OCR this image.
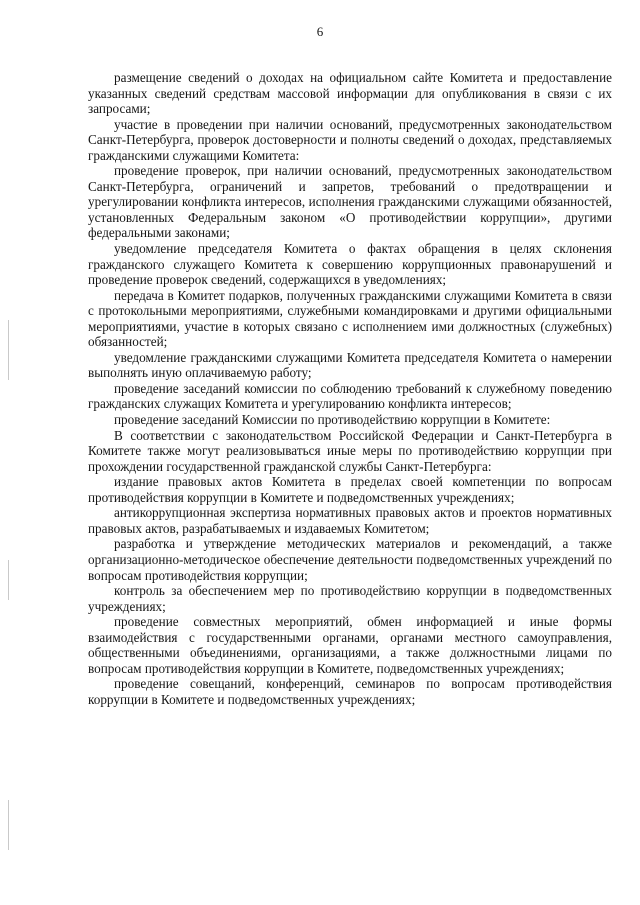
6

размещение сведений о доходах на официальном сайте Комитета и предоставление указанных сведений средствам массовой информации для опубликования в связи с их запросами;

участие в проведении при наличии оснований, предусмотренных законодательством Санкт-Петербурга, проверок достоверности и полноты сведений о доходах, представляемых гражданскими служащими Комитета:

проведение проверок, при наличии оснований, предусмотренных законодательством Санкт-Петербурга, ограничений и запретов, требований о предотвращении и урегулировании конфликта интересов, исполнения гражданскими служащими обязанностей, установленных Федеральным законом «О противодействии коррупции», другими федеральными законами;

уведомление председателя Комитета о фактах обращения в целях склонения гражданского служащего Комитета к совершению коррупционных правонарушений и проведение проверок сведений, содержащихся в уведомлениях;

передача в Комитет подарков, полученных гражданскими служащими Комитета в связи с протокольными мероприятиями, служебными командировками и другими официальными мероприятиями, участие в которых связано с исполнением ими должностных (служебных) обязанностей;

уведомление гражданскими служащими Комитета председателя Комитета о намерении выполнять иную оплачиваемую работу;

проведение заседаний комиссии по соблюдению требований к служебному поведению гражданских служащих Комитета и урегулированию конфликта интересов;

проведение заседаний Комиссии по противодействию коррупции в Комитете:

В соответствии с законодательством Российской Федерации и Санкт-Петербурга в Комитете также могут реализовываться иные меры по противодействию коррупции при прохождении государственной гражданской службы Санкт-Петербурга:

издание правовых актов Комитета в пределах своей компетенции по вопросам противодействия коррупции в Комитете и подведомственных учреждениях;

антикоррупционная экспертиза нормативных правовых актов и проектов нормативных правовых актов, разрабатываемых и издаваемых Комитетом;

разработка и утверждение методических материалов и рекомендаций, а также организационно-методическое обеспечение деятельности подведомственных учреждений по вопросам противодействия коррупции;

контроль за обеспечением мер по противодействию коррупции в подведомственных учреждениях;

проведение совместных мероприятий, обмен информацией и иные формы взаимодействия с государственными органами, органами местного самоуправления, общественными объединениями, организациями, а также должностными лицами по вопросам противодействия коррупции в Комитете, подведомственных учреждениях;

проведение совещаний, конференций, семинаров по вопросам противодействия коррупции в Комитете и подведомственных учреждениях;
